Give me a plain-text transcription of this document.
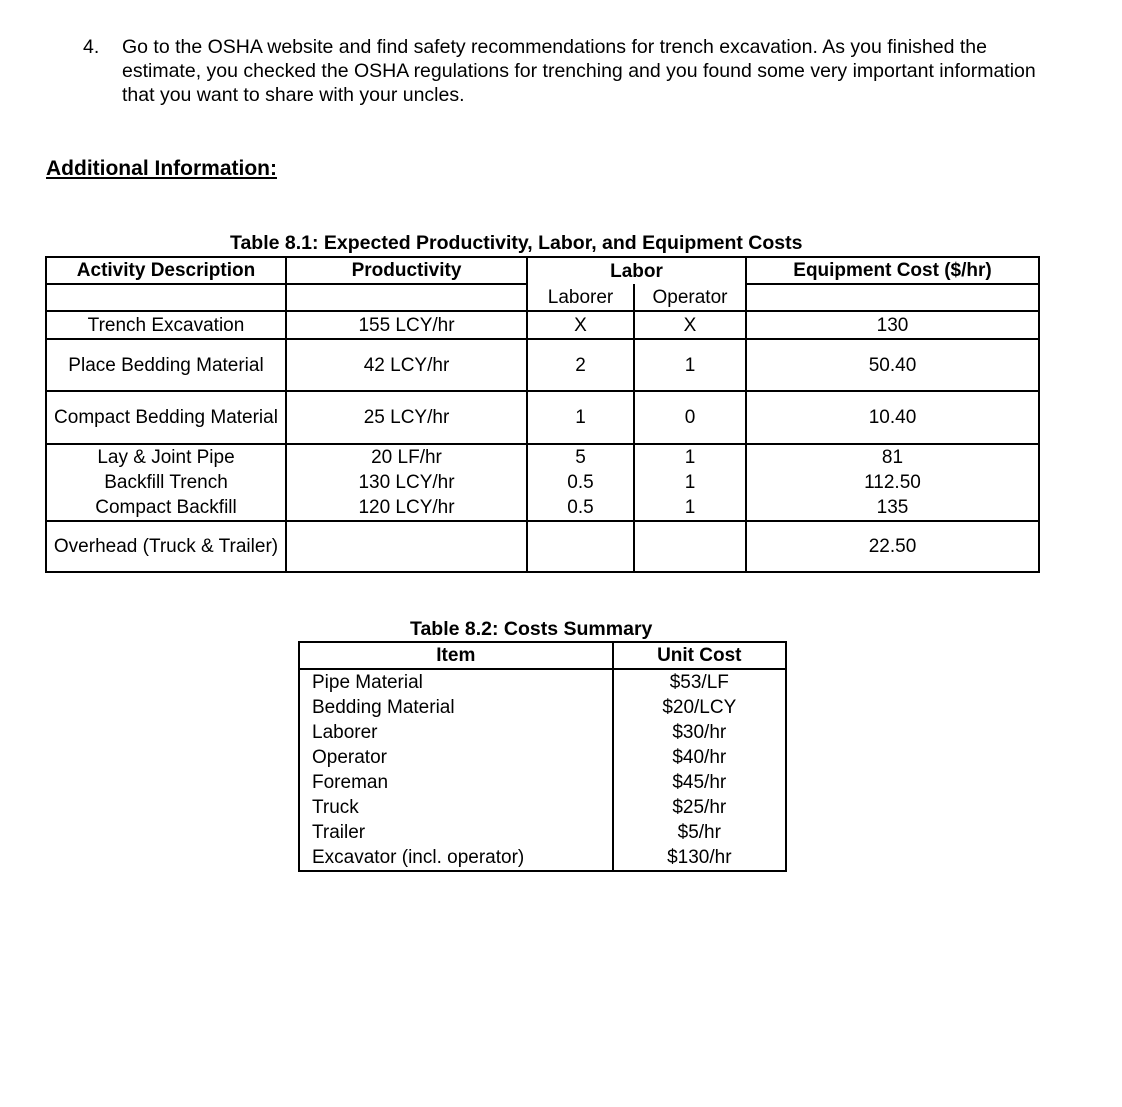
4. Go to the OSHA website and find safety recommendations for trench excavation. As you finished the estimate, you checked the OSHA regulations for trenching and you found some very important information that you want to share with your uncles.
Additional Information:
Table 8.1: Expected Productivity, Labor, and Equipment Costs
Activity Description	Productivity	Labor		Equipment Cost ($/hr)
		Laborer	Operator	
Trench Excavation	155 LCY/hr	X	X	130
Place Bedding Material	42 LCY/hr	2	1	50.40
Compact Bedding Material	25 LCY/hr	1	0	10.40
Lay & Joint Pipe	20 LF/hr	5	1	81
Backfill Trench	130 LCY/hr	0.5	1	112.50
Compact Backfill	120 LCY/hr	0.5	1	135
Overhead (Truck & Trailer)				22.50
Table 8.2: Costs Summary
Item	Unit Cost
Pipe Material	$53/LF
Bedding Material	$20/LCY
Laborer	$30/hr
Operator	$40/hr
Foreman	$45/hr
Truck	$25/hr
Trailer	$5/hr
Excavator (incl. operator)	$130/hr
